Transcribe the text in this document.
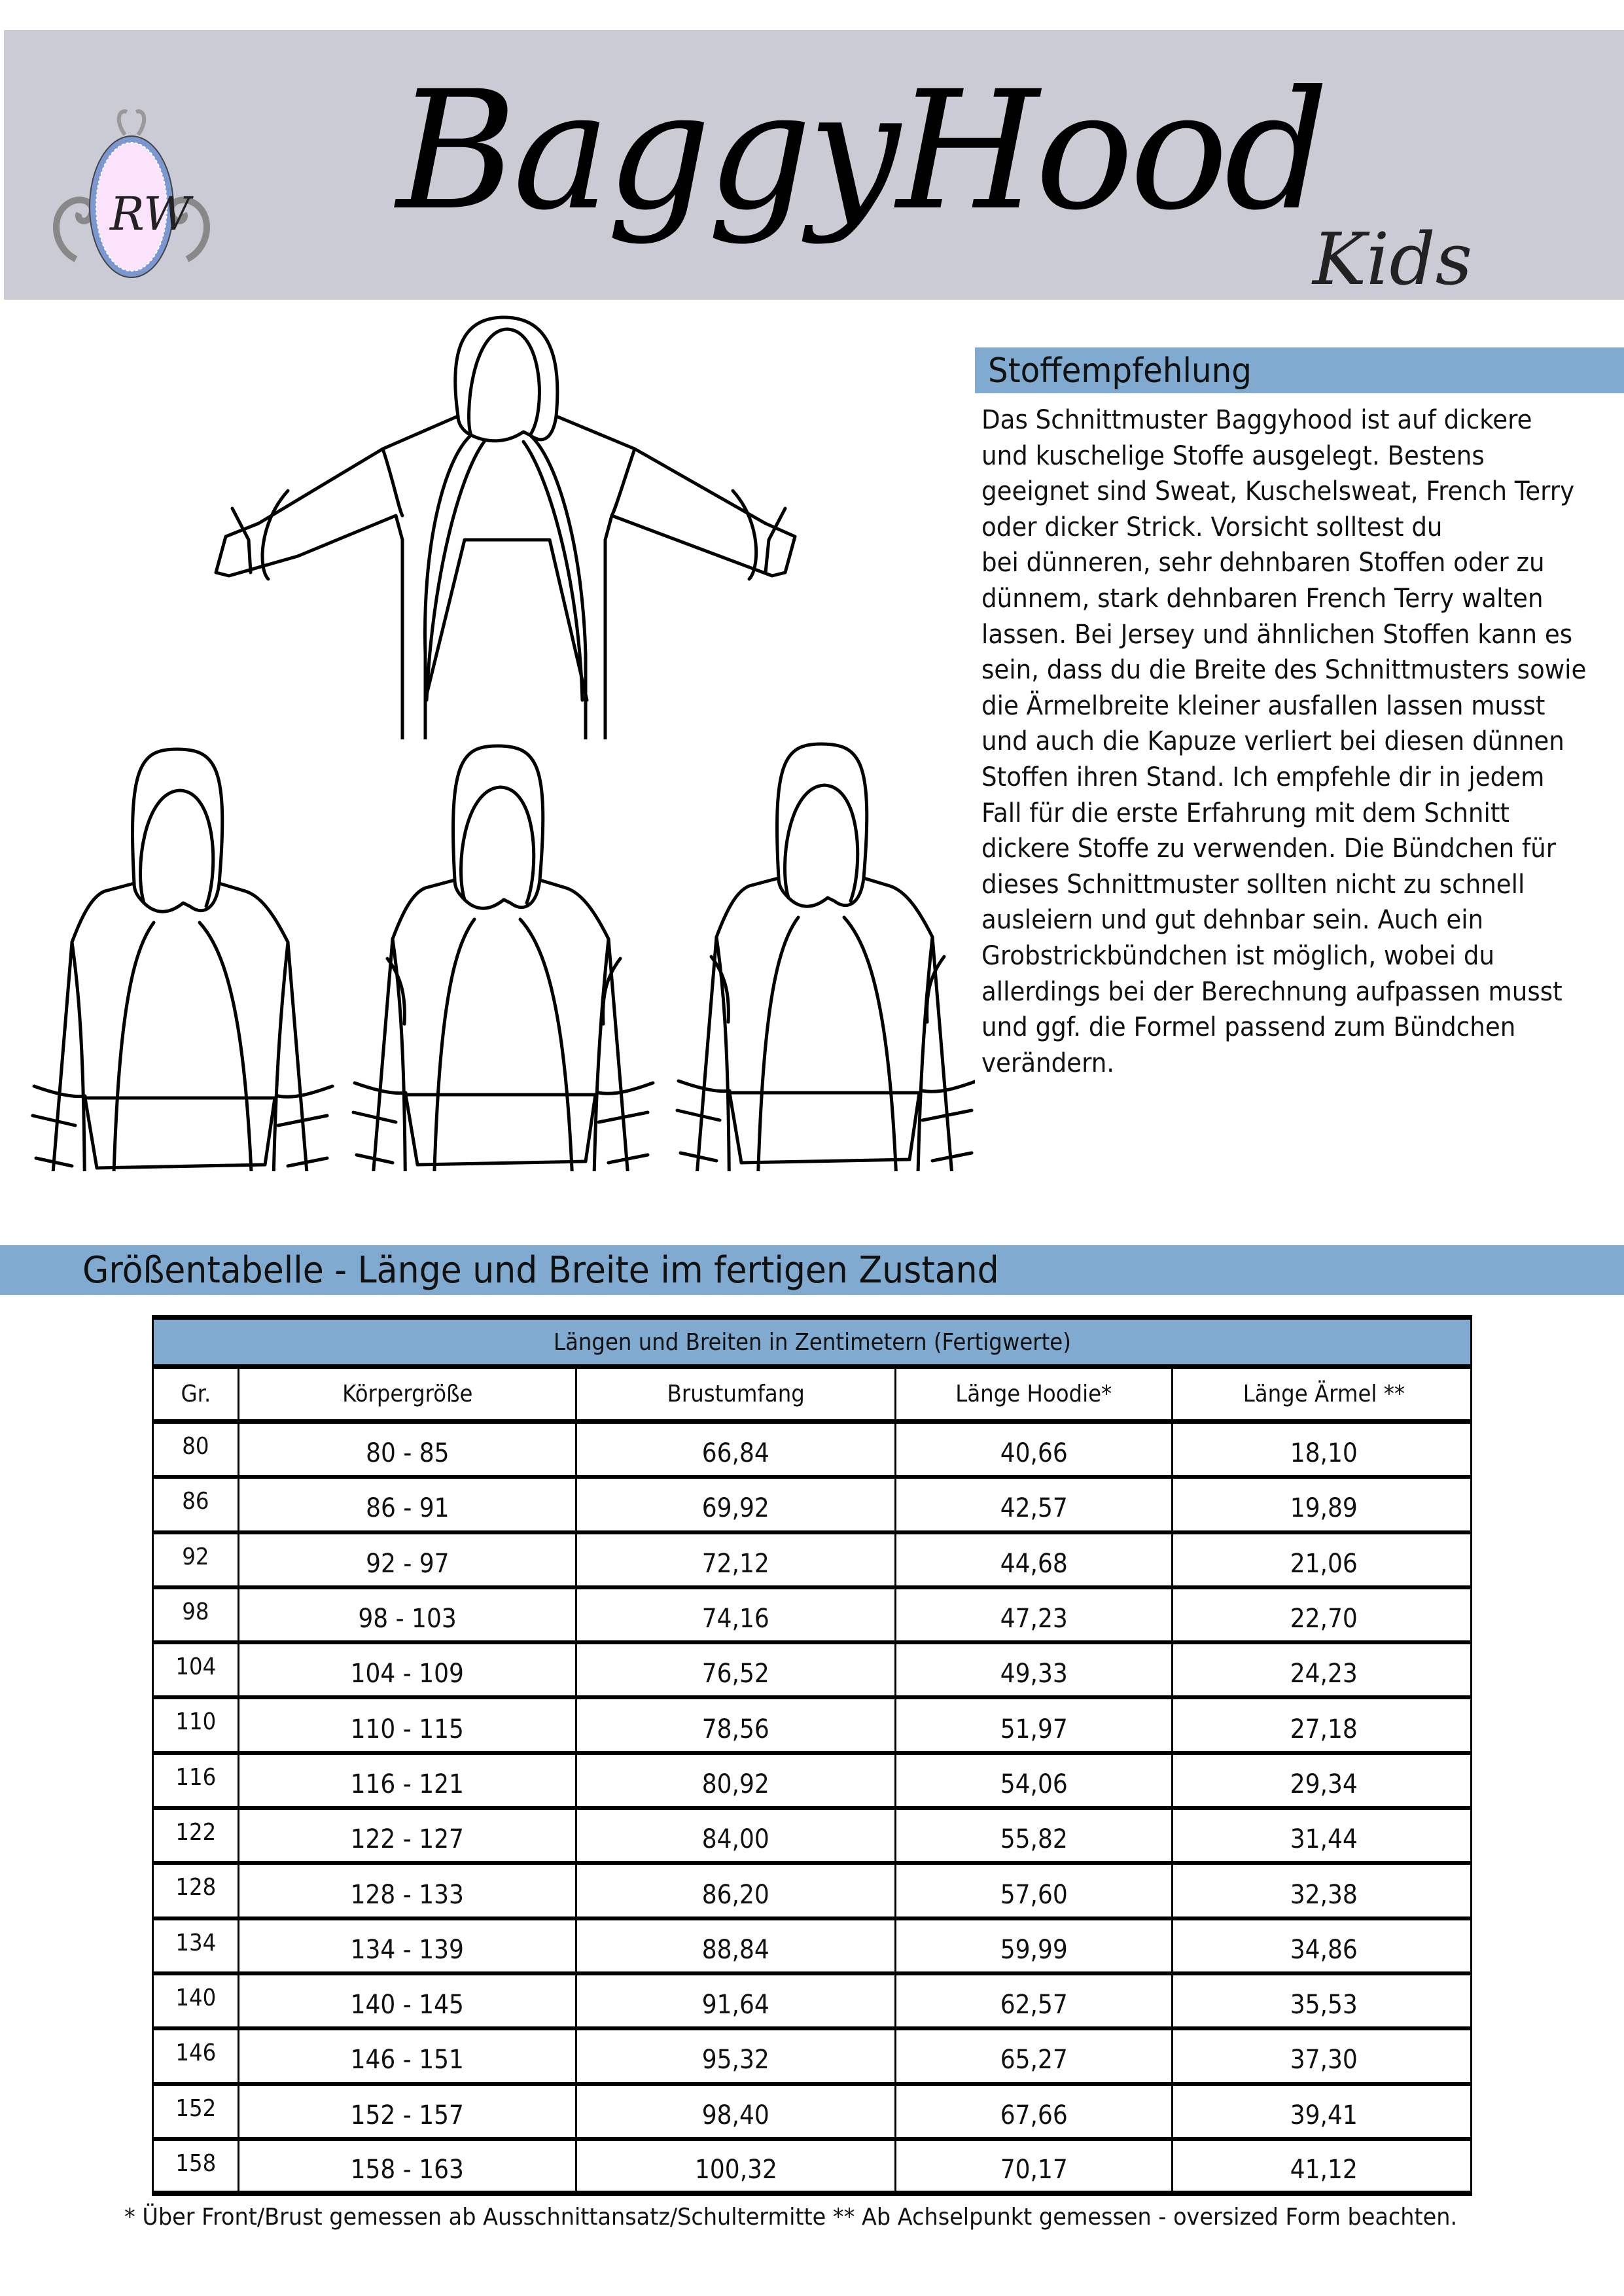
RW BaggyHood
Kids
Stoffempfehlung
Das Schnittmuster Baggyhood ist auf dickere
und kuschelige Stoffe ausgelegt. Bestens
geeignet sind Sweat, Kuschelsweat, French Terry
oder dicker Strick. Vorsicht solltest du
bei dünneren, sehr dehnbaren Stoffen oder zu
dünnem, stark dehnbaren French Terry walten
lassen. Bei Jersey und ähnlichen Stoffen kann es
sein, dass du die Breite des Schnittmusters sowie
die Ärmelbreite kleiner ausfallen lassen musst
und auch die Kapuze verliert bei diesen dünnen
Stoffen ihren Stand. Ich empfehle dir in jedem
Fall für die erste Erfahrung mit dem Schnitt
dickere Stoffe zu verwenden. Die Bündchen für
dieses Schnittmuster sollten nicht zu schnell
ausleiern und gut dehnbar sein. Auch ein
Grobstrickbündchen ist möglich, wobei du
allerdings bei der Berechnung aufpassen musst
und ggf. die Formel passend zum Bündchen
verändern.
Größentabelle - Länge und Breite im fertigen Zustand
Längen und Breiten in Zentimetern (Fertigwerte)
Gr.	Körpergröße	Brustumfang	Länge Hoodie*	Länge Ärmel **
80	80 - 85	66,84	40,66	18,10
86	86 - 91	69,92	42,57	19,89
92	92 - 97	72,12	44,68	21,06
98	98 - 103	74,16	47,23	22,70
104	104 - 109	76,52	49,33	24,23
110	110 - 115	78,56	51,97	27,18
116	116 - 121	80,92	54,06	29,34
122	122 - 127	84,00	55,82	31,44
128	128 - 133	86,20	57,60	32,38
134	134 - 139	88,84	59,99	34,86
140	140 - 145	91,64	62,57	35,53
146	146 - 151	95,32	65,27	37,30
152	152 - 157	98,40	67,66	39,41
158	158 - 163	100,32	70,17	41,12
* Über Front/Brust gemessen ab Ausschnittansatz/Schultermitte ** Ab Achselpunkt gemessen - oversized Form beachten.
